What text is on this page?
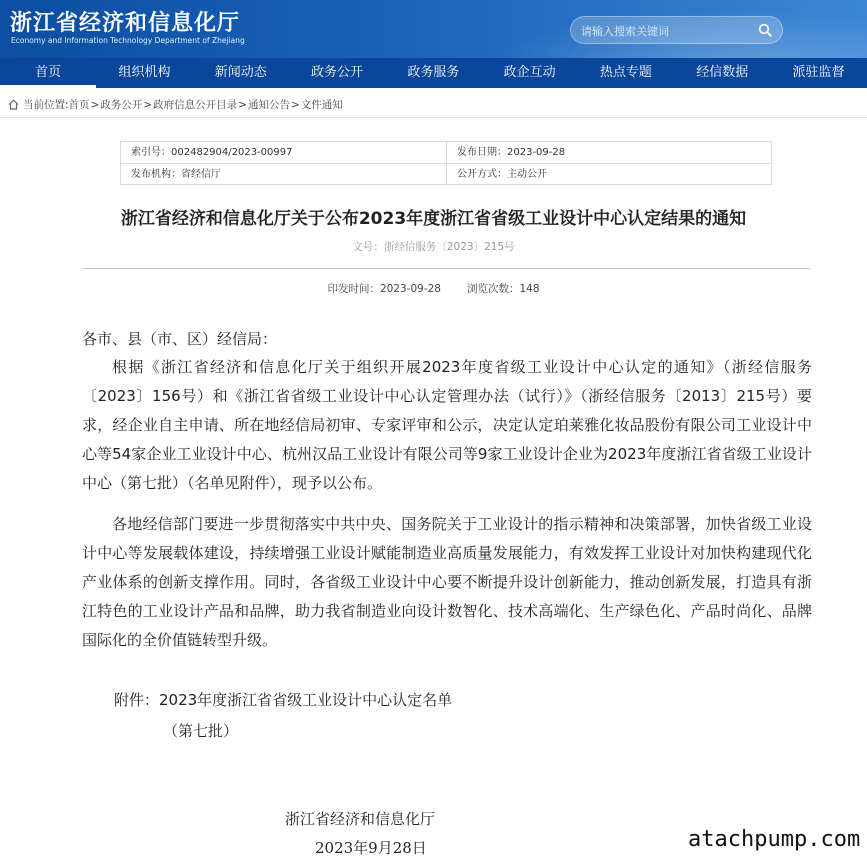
浙江省经济和信息化厅
Economy and Information Technology Department of Zhejiang
请输入搜索关键词
首页	组织机构	新闻动态	政务公开	政务服务	政企互动	热点专题	经信数据	派驻监督
当前位置: 首页 > 政务公开 > 政府信息公开目录 > 通知公告 > 文件通知
索引号：002482904/2023-00997	发布日期：2023-09-28
发布机构：省经信厅	公开方式：主动公开
浙江省经济和信息化厅关于公布2023年度浙江省省级工业设计中心认定结果的通知
文号：浙经信服务〔2023〕215号
印发时间：2023-09-28 浏览次数：148
各市、县（市、区）经信局：
根据《浙江省经济和信息化厅关于组织开展2023年度省级工业设计中心认定的通知》（浙经信服务〔2023〕156号）和《浙江省省级工业设计中心认定管理办法（试行）》（浙经信服务〔2013〕215号）要求，经企业自主申请、所在地经信局初审、专家评审和公示，决定认定珀莱雅化妆品股份有限公司工业设计中心等54家企业工业设计中心、杭州汉品工业设计有限公司等9家工业设计企业为2023年度浙江省省级工业设计中心（第七批）（名单见附件），现予以公布。
各地经信部门要进一步贯彻落实中共中央、国务院关于工业设计的指示精神和决策部署，加快省级工业设计中心等发展载体建设，持续增强工业设计赋能制造业高质量发展能力，有效发挥工业设计对加快构建现代化产业体系的创新支撑作用。同时，各省级工业设计中心要不断提升设计创新能力，推动创新发展，打造具有浙江特色的工业设计产品和品牌，助力我省制造业向设计数智化、技术高端化、生产绿色化、产品时尚化、品牌国际化的全价值链转型升级。
附件：2023年度浙江省省级工业设计中心认定名单
（第七批）
浙江省经济和信息化厅
2023年9月28日	atachpump.com
